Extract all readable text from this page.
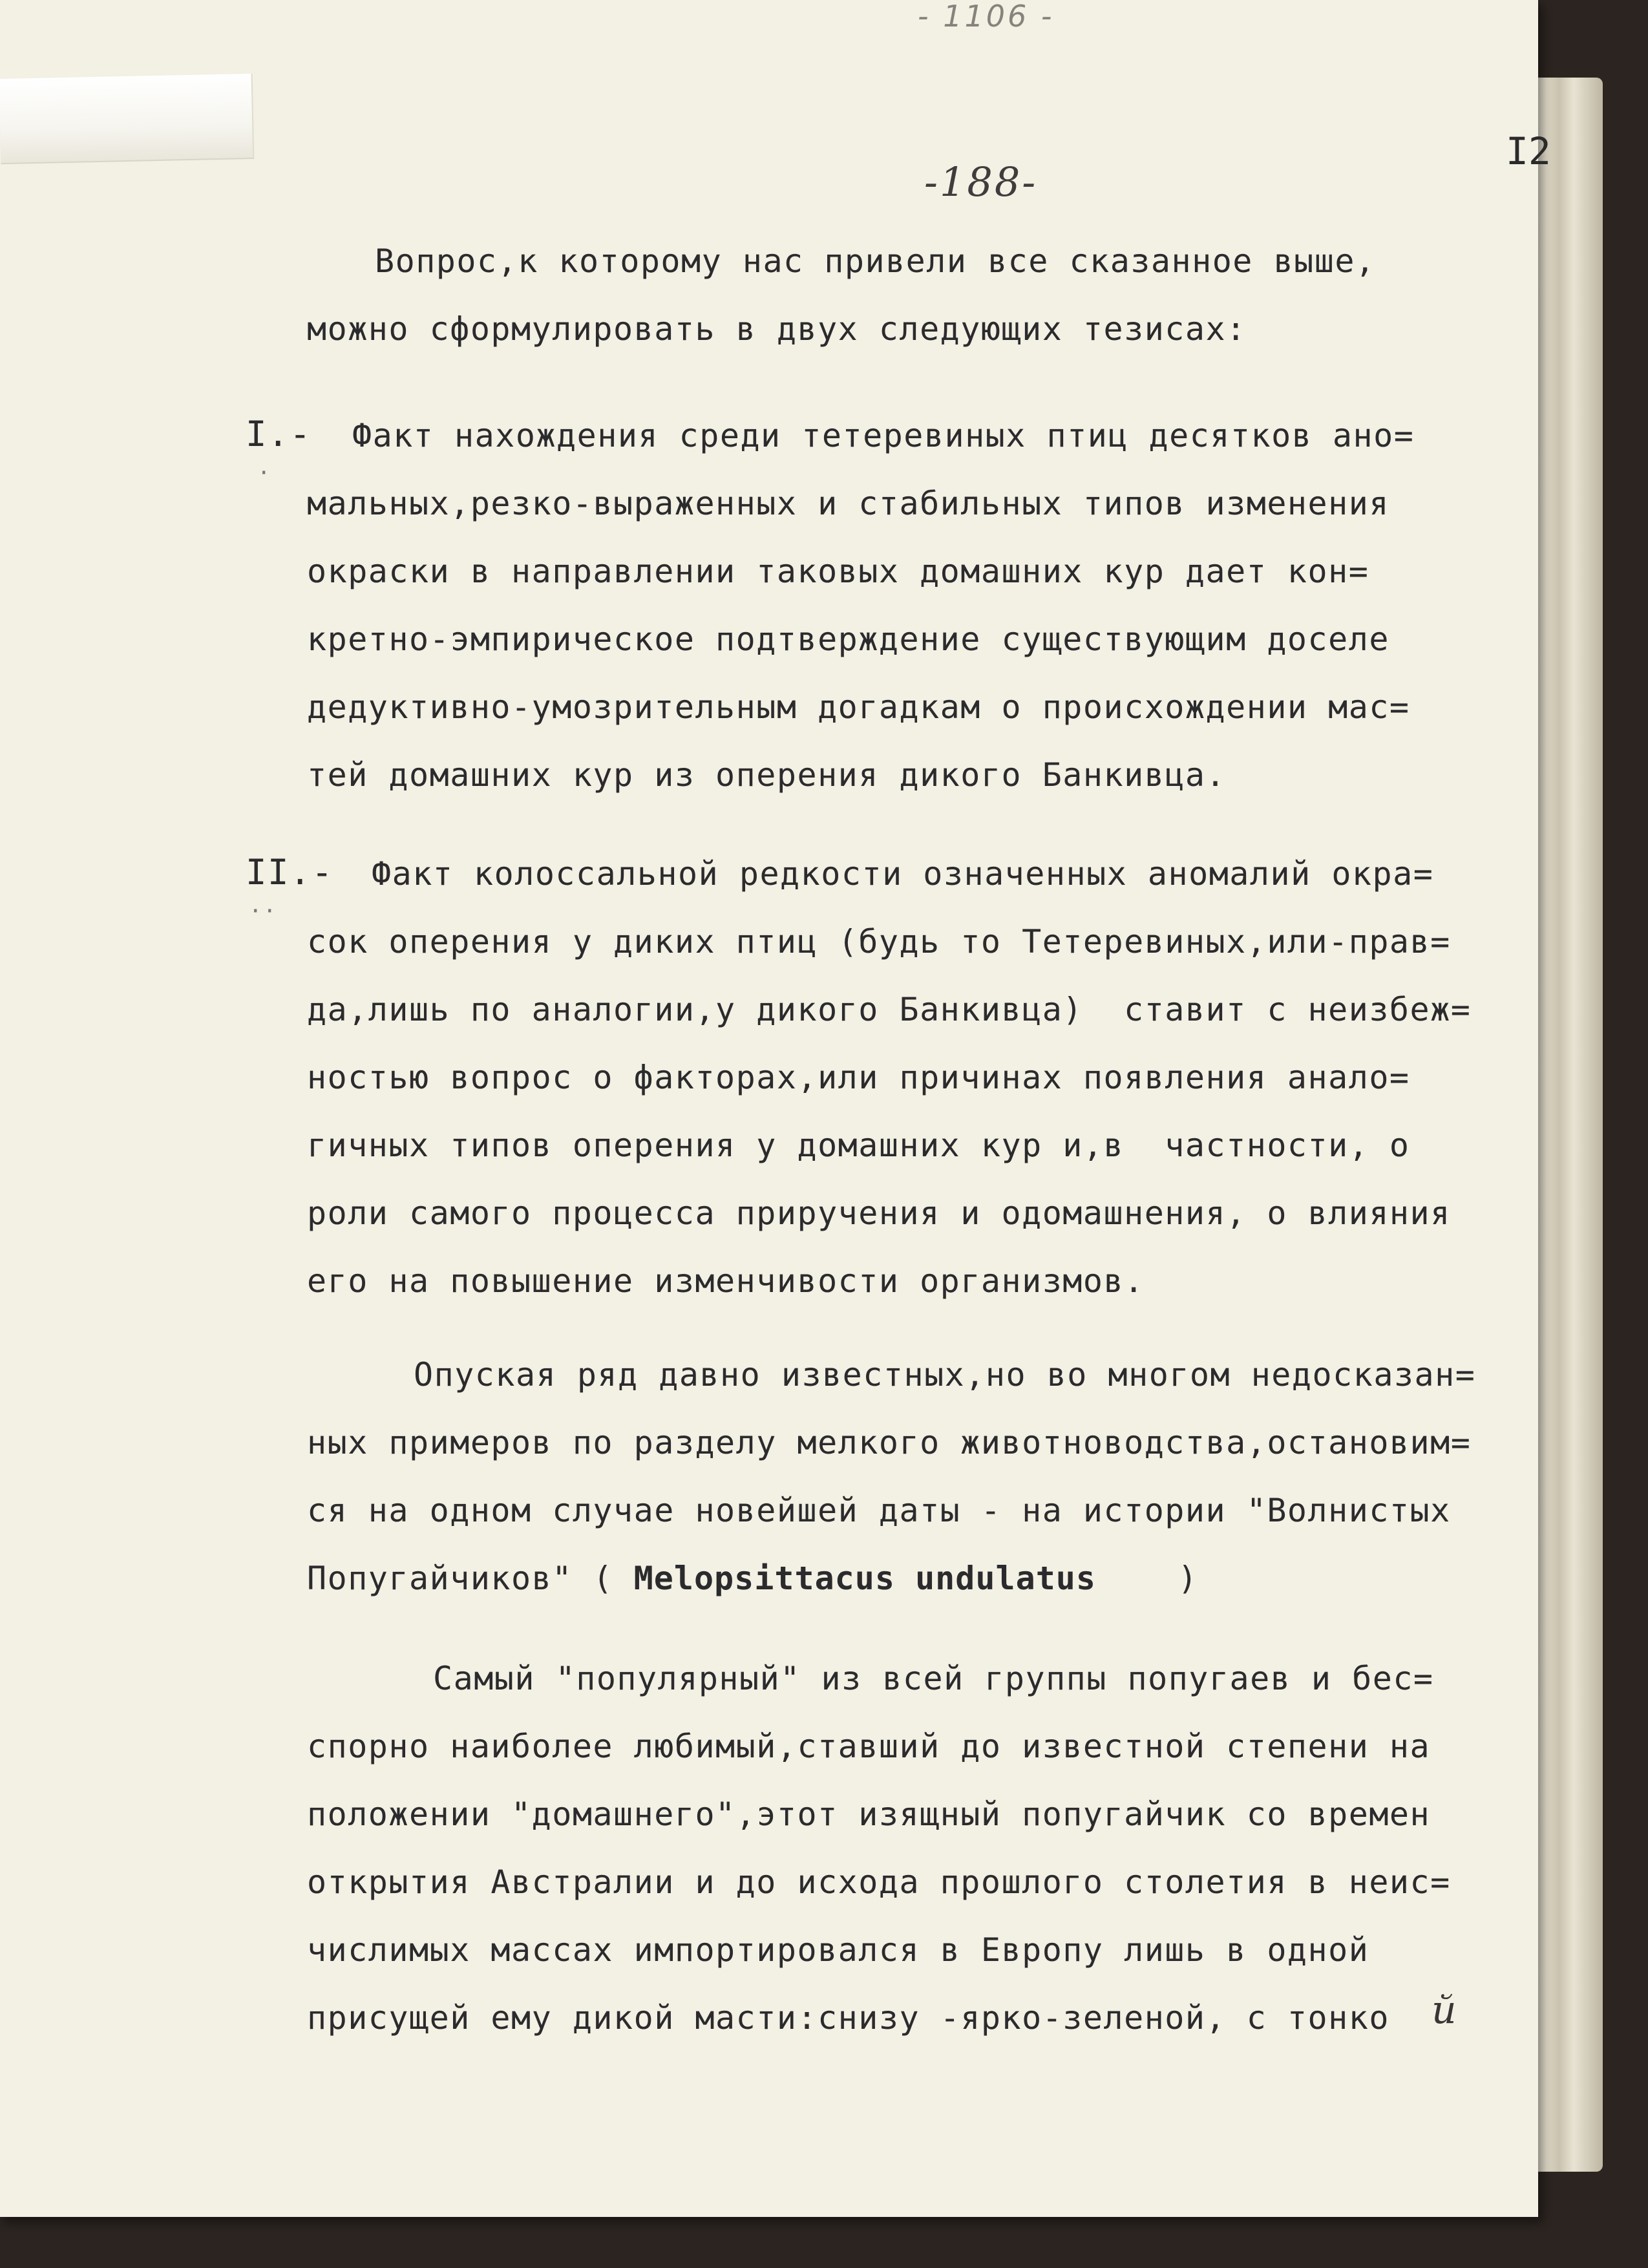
- 1106 -
I2
-188-
Вопрос,к которому нас привели все сказанное выше,
можно сформулировать в двух следующих тезисах:
I.-
·
Факт нахождения среди тетеревиных птиц десятков ано=
мальных,резко-выраженных и стабильных типов изменения
окраски в направлении таковых домашних кур дает кон=
кретно-эмпирическое подтверждение существующим доселе
дедуктивно-умозрительным догадкам о происхождении мас=
тей домашних кур из оперения дикого Банкивца.
II.-
··
Факт колоссальной редкости означенных аномалий окра=
сок оперения у диких птиц (будь то Тетеревиных,или-прав=
да,лишь по аналогии,у дикого Банкивца)  ставит с неизбеж=
ностью вопрос о факторах,или причинах появления анало=
гичных типов оперения у домашних кур и,в  частности, о
роли самого процесса приручения и одомашнения, о влияния
его на повышение изменчивости организмов.
Опуская ряд давно известных,но во многом недосказан=
ных примеров по разделу мелкого животноводства,остановим=
ся на одном случае новейшей даты - на истории "Волнистых
Попугайчиков" ( Melopsittacus undulatus    )
Самый "популярный" из всей группы попугаев и бес=
спорно наиболее любимый,ставший до известной степени на
положении "домашнего",этот изящный попугайчик со времен
открытия Австралии и до исхода прошлого столетия в неис=
числимых массах импортировался в Европу лишь в одной
присущей ему дикой масти:снизу -ярко-зеленой, с тонко й
